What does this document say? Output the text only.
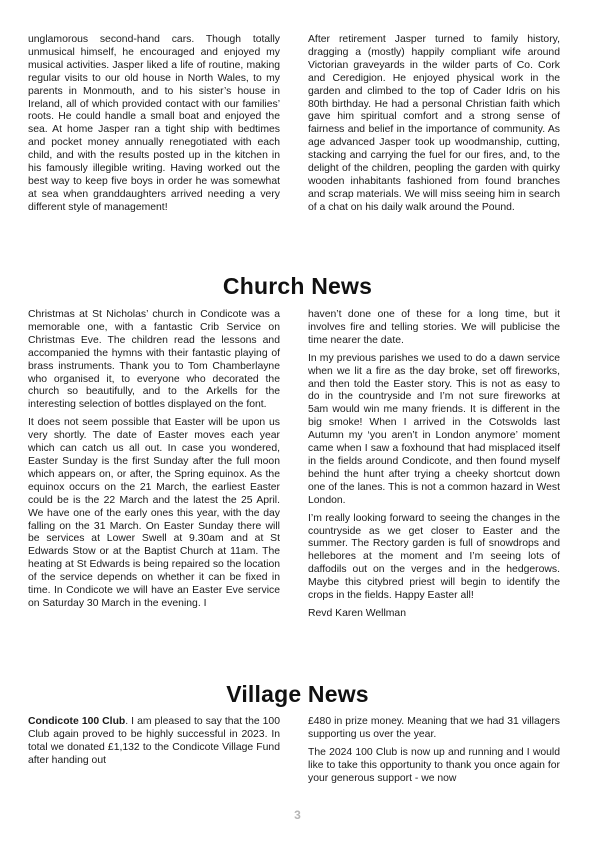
unglamorous second-hand cars. Though totally unmusical himself, he encouraged and enjoyed my musical activities. Jasper liked a life of routine, making regular visits to our old house in North Wales, to my parents in Monmouth, and to his sister’s house in Ireland, all of which provided contact with our families’ roots. He could handle a small boat and enjoyed the sea. At home Jasper ran a tight ship with bedtimes and pocket money annually renegotiated with each child, and with the results posted up in the kitchen in his famously illegible writing. Having worked out the best way to keep five boys in order he was somewhat at sea when granddaughters arrived needing a very different style of management!

After retirement Jasper turned to family history, dragging a (mostly) happily compliant wife around Victorian graveyards in the wilder parts of Co. Cork and Ceredigion. He enjoyed physical work in the garden and climbed to the top of Cader Idris on his 80th birthday. He had a personal Christian faith which gave him spiritual comfort and a strong sense of fairness and belief in the importance of community. As age advanced Jasper took up woodmanship, cutting, stacking and carrying the fuel for our fires, and, to the delight of the children, peopling the garden with quirky wooden inhabitants fashioned from found branches and scrap materials. We will miss seeing him in search of a chat on his daily walk around the Pound.

Church News

Christmas at St Nicholas’ church in Condicote was a memorable one, with a fantastic Crib Service on Christmas Eve. The children read the lessons and accompanied the hymns with their fantastic playing of brass instruments. Thank you to Tom Chamberlayne who organised it, to everyone who decorated the church so beautifully, and to the Arkells for the interesting selection of bottles displayed on the font.

It does not seem possible that Easter will be upon us very shortly. The date of Easter moves each year which can catch us all out. In case you wondered, Easter Sunday is the first Sunday after the full moon which appears on, or after, the Spring equinox. As the equinox occurs on the 21 March, the earliest Easter could be is the 22 March and the latest the 25 April. We have one of the early ones this year, with the day falling on the 31 March. On Easter Sunday there will be services at Lower Swell at 9.30am and at St Edwards Stow or at the Baptist Church at 11am. The heating at St Edwards is being repaired so the location of the service depends on whether it can be fixed in time. In Condicote we will have an Easter Eve service on Saturday 30 March in the evening. I

haven’t done one of these for a long time, but it involves fire and telling stories. We will publicise the time nearer the date.

In my previous parishes we used to do a dawn service when we lit a fire as the day broke, set off fireworks, and then told the Easter story. This is not as easy to do in the countryside and I’m not sure fireworks at 5am would win me many friends. It is different in the big smoke! When I arrived in the Cotswolds last Autumn my ‘you aren’t in London anymore’ moment came when I saw a foxhound that had misplaced itself in the fields around Condicote, and then found myself behind the hunt after trying a cheeky shortcut down one of the lanes. This is not a common hazard in West London.

I’m really looking forward to seeing the changes in the countryside as we get closer to Easter and the summer. The Rectory garden is full of snowdrops and hellebores at the moment and I’m seeing lots of daffodils out on the verges and in the hedgerows. Maybe this citybred priest will begin to identify the crops in the fields. Happy Easter all!

Revd Karen Wellman

Village News

Condicote 100 Club. I am pleased to say that the 100 Club again proved to be highly successful in 2023. In total we donated £1,132 to the Condicote Village Fund after handing out

£480 in prize money. Meaning that we had 31 villagers supporting us over the year.

The 2024 100 Club is now up and running and I would like to take this opportunity to thank you once again for your generous support - we now

3
